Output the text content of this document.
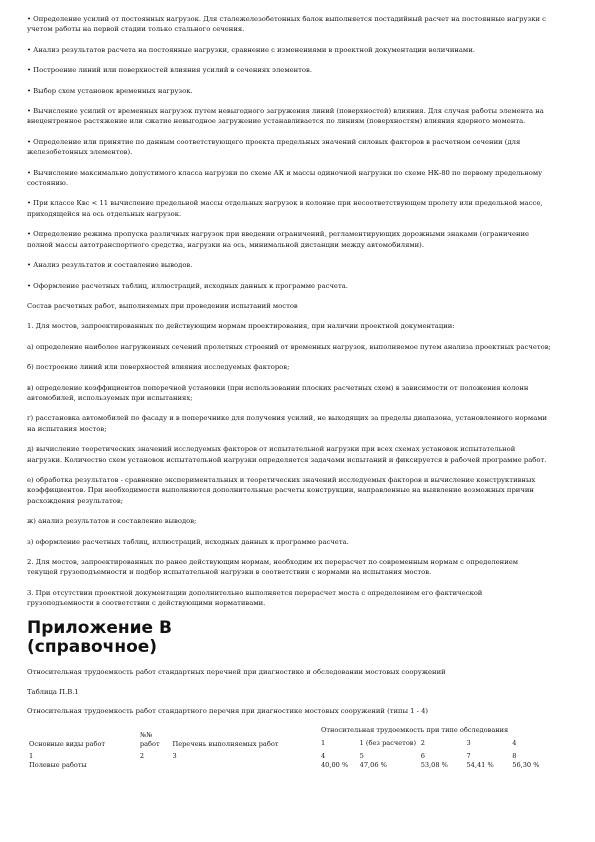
• Определение усилий от постоянных нагрузок. Для сталежелезобетонных балок выполняется постадийный расчет на постоянные нагрузки с учетом работы на первой стадии только стального сечения.

• Анализ результатов расчета на постоянные нагрузки, сравнение с изменениями в проектной документации величинами.

• Построение линий или поверхностей влияния усилий в сечениях элементов.

• Выбор схем установок временных нагрузок.

• Вычисление усилий от временных нагрузок путем невыгодного загружения линий (поверхностей) влияния. Для случая работы элемента на внецентренное растяжение или сжатие невыгодное загружение устанавливается по линиям (поверхностям) влияния ядерного момента.

• Определение или принятие по данным соответствующего проекта предельных значений силовых факторов в расчетном сечении (для железобетонных элементов).

• Вычисление максимально допустимого класса нагрузки по схеме АК и массы одиночной нагрузки по схеме НК-80 по первому предельному состоянию.

• При классе Квс < 11 вычисление предельной массы отдельных нагрузок в колонне при несоответствующем пролету или предельной массе, приходящейся на ось отдельных нагрузок.

• Определение режима пропуска различных нагрузок при введении ограничений, регламентирующих дорожными знаками (ограничение полной массы автотранспортного средства, нагрузки на ось, минимальной дистанции между автомобилями).

• Анализ результатов и составление выводов.

• Оформление расчетных таблиц, иллюстраций, исходных данных к программе расчета.

Состав расчетных работ, выполняемых при проведении испытаний мостов

1. Для мостов, запроектированных по действующим нормам проектирования, при наличии проектной документации:

а) определение наиболее нагруженных сечений пролетных строений от временных нагрузок, выполняемое путем анализа проектных расчетов;

б) построение линий или поверхностей влияния исследуемых факторов;

в) определение коэффициентов поперечной установки (при использовании плоских расчетных схем) в зависимости от положения колонн автомобилей, используемых при испытаниях;

г) расстановка автомобилей по фасаду и в поперечнике для получения усилий, не выходящих за пределы диапазона, установленного нормами на испытания мостов;

д) вычисление теоретических значений исследуемых факторов от испытательной нагрузки при всех схемах установок испытательной нагрузки. Количество схем установок испытательной нагрузки определяется задачами испытаний и фиксируется в рабочей программе работ.

е) обработка результатов - сравнение экспериментальных и теоретических значений исследуемых факторов и вычисление конструктивных коэффициентов. При необходимости выполняются дополнительные расчеты конструкции, направленные на выявление возможных причин расхождения результатов;

ж) анализ результатов и составление выводов;

з) оформление расчетных таблиц, иллюстраций, исходных данных к программе расчета.

2. Для мостов, запроектированных по ранее действующим нормам, необходим их перерасчет по современным нормам с определением текущей грузоподъемности и подбор испытательной нагрузки в соответствии с нормами на испытания мостов.

3. При отсутствии проектной документации дополнительно выполняется перерасчет моста с определением его фактической грузоподъемности в соответствии с действующими нормативами.

Приложение В
(справочное)

Относительная трудоемкость работ стандартных перечней при диагностике и обследовании мостовых сооружений

Таблица П.В.1

Относительная трудоемкость работ стандартного перечня при диагностике мостовых сооружений (типы 1 - 4)

Основные виды работ	№№ работ	Перечень выполняемых работ	Относительная трудоемкость при типе обследования				
			1	1 (без расчетов)	2	3	4
1	2	3	4	5	6	7	8
Полевые работы			40,00 %	47,06 %	53,08 %	54,41 %	56,30 %
